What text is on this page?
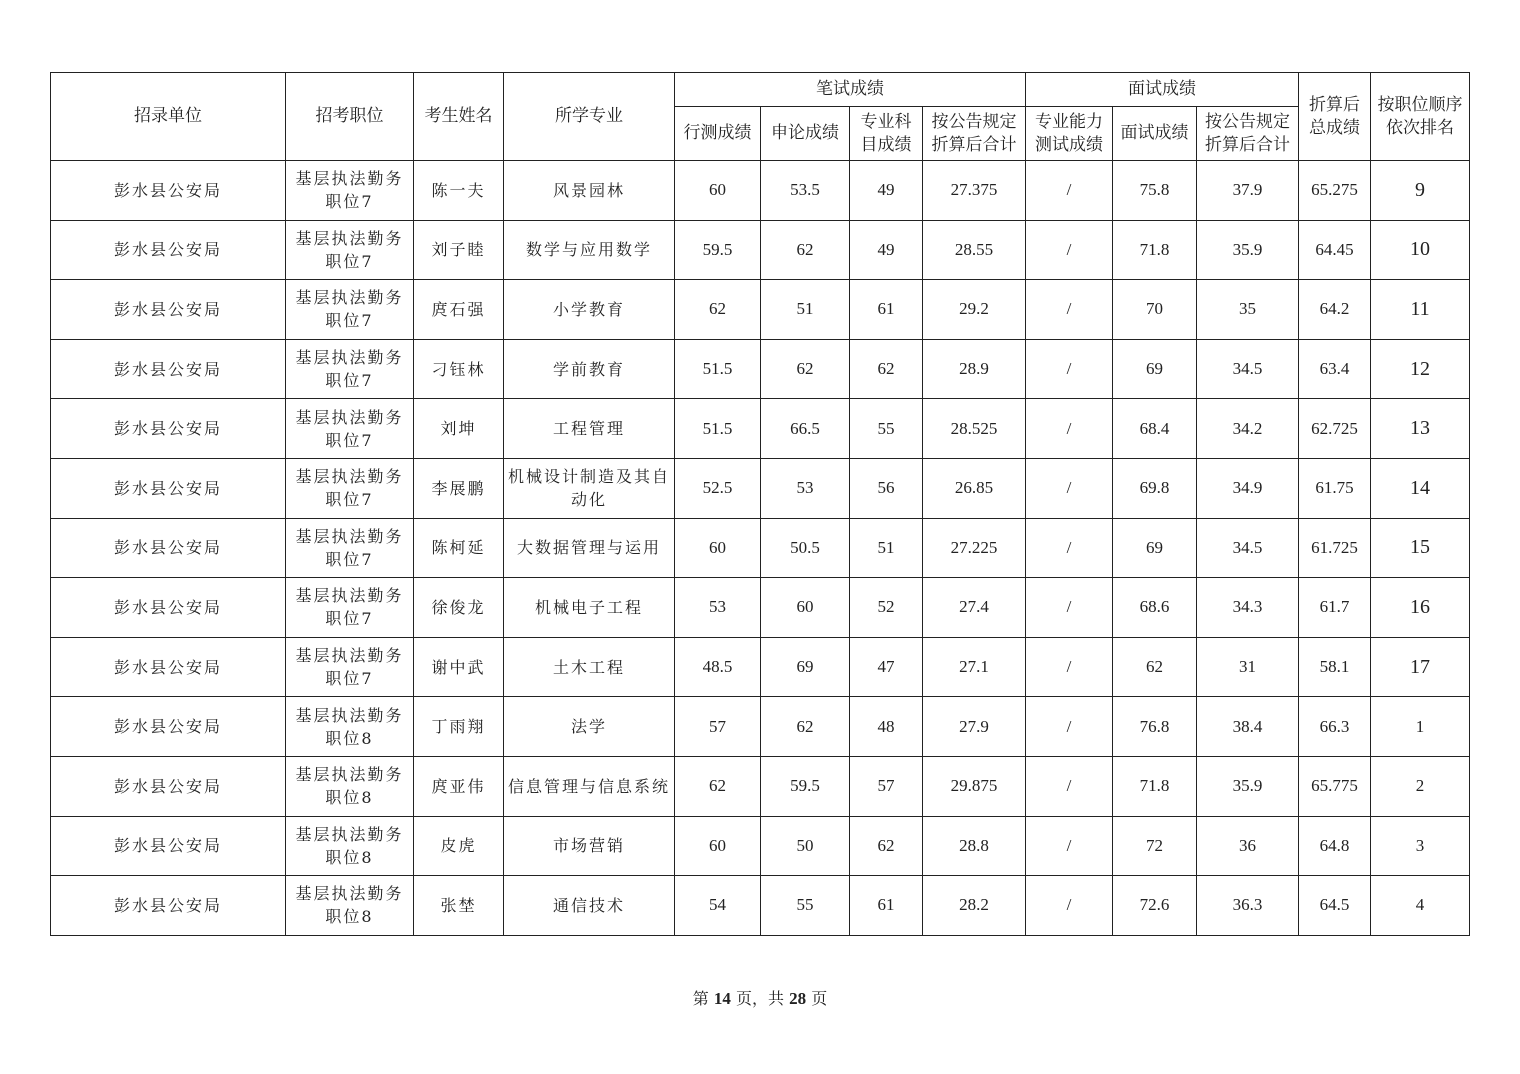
招录单位	招考职位	考生姓名	所学专业	笔试成绩				面试成绩			折算后总成绩	按职位顺序依次排名
				行测成绩	申论成绩	专业科目成绩	按公告规定折算后合计	专业能力测试成绩	面试成绩	按公告规定折算后合计		
彭水县公安局	基层执法勤务职位7	陈一夫	风景园林	60	53.5	49	27.375	/	75.8	37.9	65.275	9
彭水县公安局	基层执法勤务职位7	刘子睦	数学与应用数学	59.5	62	49	28.55	/	71.8	35.9	64.45	10
彭水县公安局	基层执法勤务职位7	庹石强	小学教育	62	51	61	29.2	/	70	35	64.2	11
彭水县公安局	基层执法勤务职位7	刁钰林	学前教育	51.5	62	62	28.9	/	69	34.5	63.4	12
彭水县公安局	基层执法勤务职位7	刘坤	工程管理	51.5	66.5	55	28.525	/	68.4	34.2	62.725	13
彭水县公安局	基层执法勤务职位7	李展鹏	机械设计制造及其自动化	52.5	53	56	26.85	/	69.8	34.9	61.75	14
彭水县公安局	基层执法勤务职位7	陈柯延	大数据管理与运用	60	50.5	51	27.225	/	69	34.5	61.725	15
彭水县公安局	基层执法勤务职位7	徐俊龙	机械电子工程	53	60	52	27.4	/	68.6	34.3	61.7	16
彭水县公安局	基层执法勤务职位7	谢中武	土木工程	48.5	69	47	27.1	/	62	31	58.1	17
彭水县公安局	基层执法勤务职位8	丁雨翔	法学	57	62	48	27.9	/	76.8	38.4	66.3	1
彭水县公安局	基层执法勤务职位8	庹亚伟	信息管理与信息系统	62	59.5	57	29.875	/	71.8	35.9	65.775	2
彭水县公安局	基层执法勤务职位8	皮虎	市场营销	60	50	62	28.8	/	72	36	64.8	3
彭水县公安局	基层执法勤务职位8	张埜	通信技术	54	55	61	28.2	/	72.6	36.3	64.5	4
第 14 页，共 28 页
